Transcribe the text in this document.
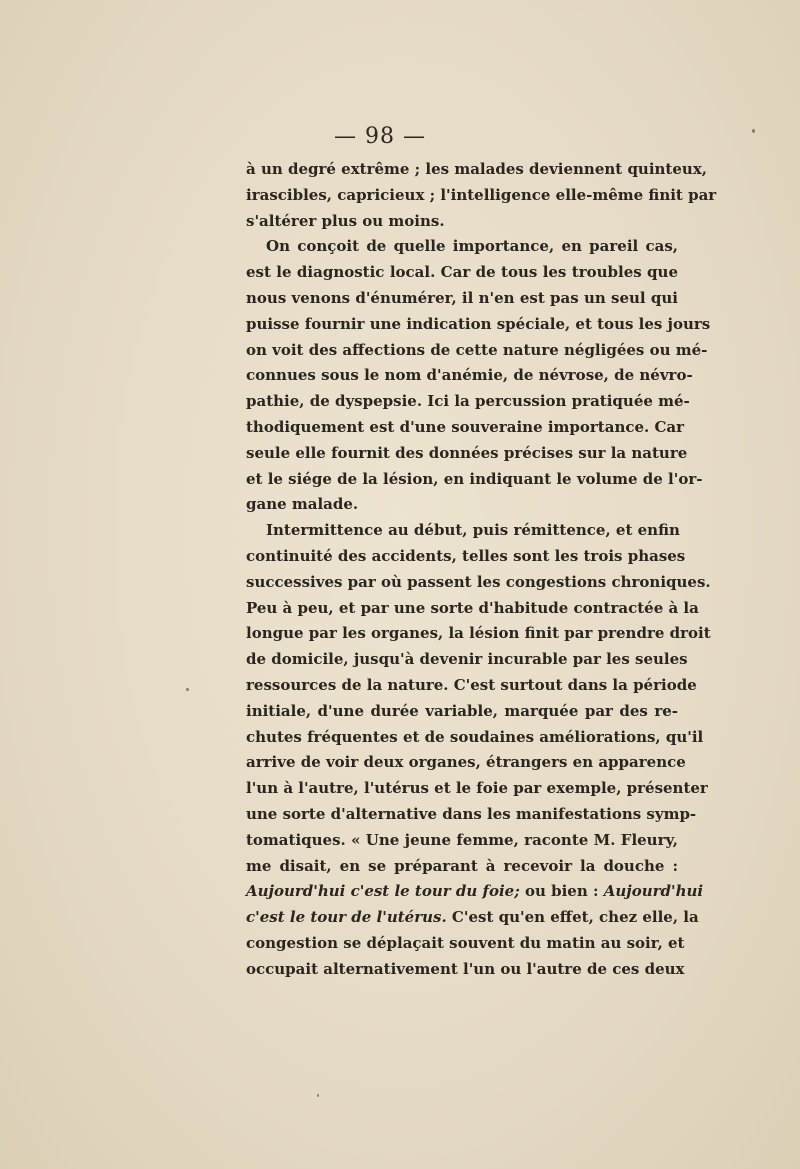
— 98 —

à un degré extrême ; les malades deviennent quinteux,
irascibles, capricieux ; l'intelligence elle-même finit par
s'altérer plus ou moins.

On conçoit de quelle importance, en pareil cas,
est le diagnostic local. Car de tous les troubles que
nous venons d'énumérer, il n'en est pas un seul qui
puisse fournir une indication spéciale, et tous les jours
on voit des affections de cette nature négligées ou mé-
connues sous le nom d'anémie, de névrose, de névro-
pathie, de dyspepsie. Ici la percussion pratiquée mé-
thodiquement est d'une souveraine importance. Car
seule elle fournit des données précises sur la nature
et le siége de la lésion, en indiquant le volume de l'or-
gane malade.

Intermittence au début, puis rémittence, et enfin
continuité des accidents, telles sont les trois phases
successives par où passent les congestions chroniques.
Peu à peu, et par une sorte d'habitude contractée à la
longue par les organes, la lésion finit par prendre droit
de domicile, jusqu'à devenir incurable par les seules
ressources de la nature. C'est surtout dans la période
initiale, d'une durée variable, marquée par des re-
chutes fréquentes et de soudaines améliorations, qu'il
arrive de voir deux organes, étrangers en apparence
l'un à l'autre, l'utérus et le foie par exemple, présenter
une sorte d'alternative dans les manifestations symp-
tomatiques. « Une jeune femme, raconte M. Fleury,
me disait, en se préparant à recevoir la douche :
Aujourd'hui c'est le tour du foie; ou bien : Aujourd'hui
c'est le tour de l'utérus. C'est qu'en effet, chez elle, la
congestion se déplaçait souvent du matin au soir, et
occupait alternativement l'un ou l'autre de ces deux
